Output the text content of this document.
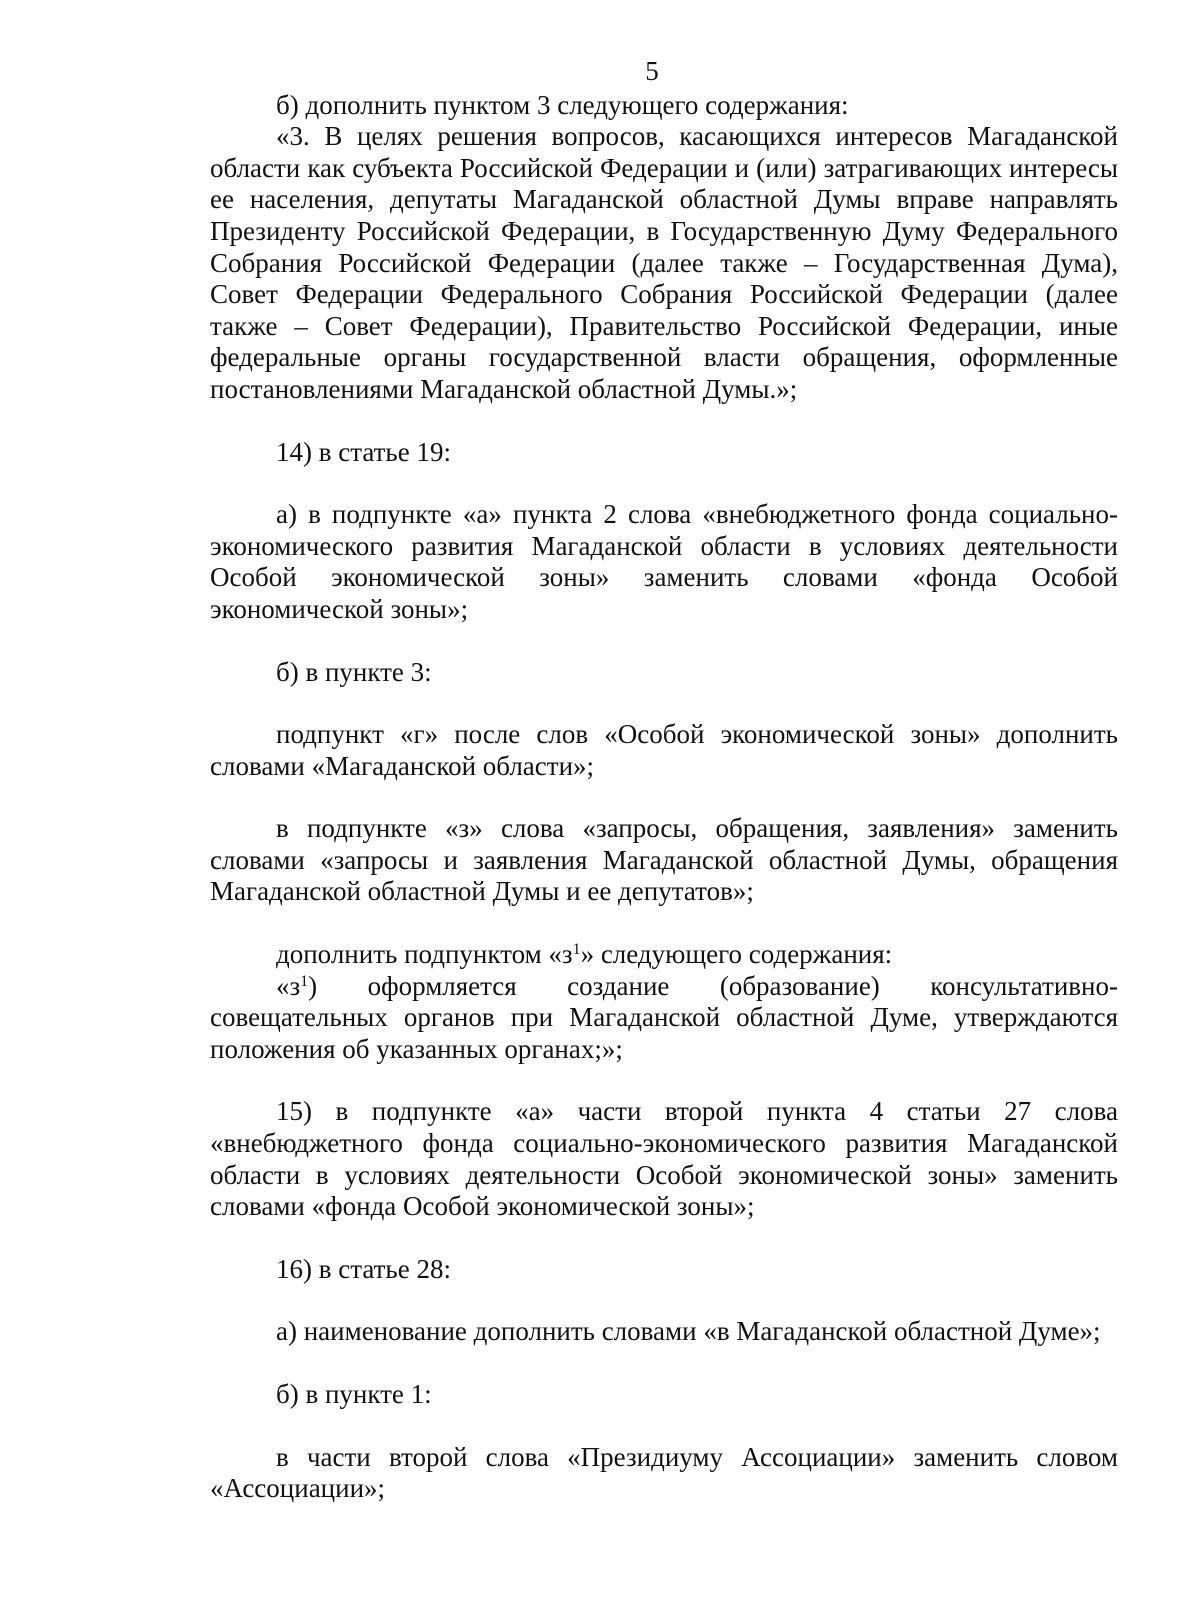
5

б) дополнить пунктом 3 следующего содержания:

«3. В целях решения вопросов, касающихся интересов Магаданской области как субъекта Российской Федерации и (или) затрагивающих интересы ее населения, депутаты Магаданской областной Думы вправе направлять Президенту Российской Федерации, в Государственную Думу Федерального Собрания Российской Федерации (далее также – Государственная Дума), Совет Федерации Федерального Собрания Российской Федерации (далее также – Совет Федерации), Правительство Российской Федерации, иные федеральные органы государственной власти обращения, оформленные постановлениями Магаданской областной Думы.»;

14) в статье 19:

а) в подпункте «а» пункта 2 слова «внебюджетного фонда социально-экономического развития Магаданской области в условиях деятельности Особой экономической зоны» заменить словами «фонда Особой экономической зоны»;

б) в пункте 3:

подпункт «г» после слов «Особой экономической зоны» дополнить словами «Магаданской области»;

в подпункте «з» слова «запросы, обращения, заявления» заменить словами «запросы и заявления Магаданской областной Думы, обращения Магаданской областной Думы и ее депутатов»;

дополнить подпунктом «$з^1$» следующего содержания:

«$з^1$) оформляется создание (образование) консультативно-совещательных органов при Магаданской областной Думе, утверждаются положения об указанных органах;»;

15) в подпункте «а» части второй пункта 4 статьи 27 слова «внебюджетного фонда социально-экономического развития Магаданской области в условиях деятельности Особой экономической зоны» заменить словами «фонда Особой экономической зоны»;

16) в статье 28:

а) наименование дополнить словами «в Магаданской областной Думе»;

б) в пункте 1:

в части второй слова «Президиуму Ассоциации» заменить словом «Ассоциации»;
